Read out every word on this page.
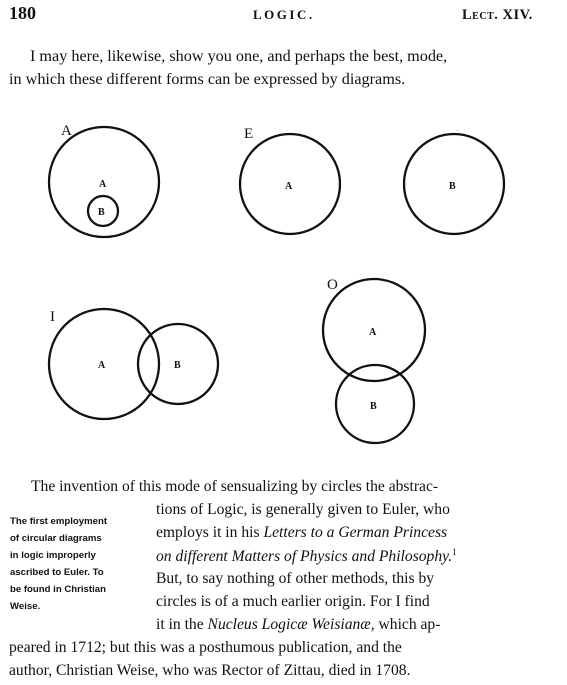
180	LOGIC.	Lect. XIV.
I may here, likewise, show you one, and perhaps the best, mode,
in which these different forms can be expressed by diagrams.
A
A
B
E
A	B
I
A	B
O
A
B
The invention of this mode of sensualizing by circles the abstrac-
tions of Logic, is generally given to Euler, who
employs it in his Letters to a German Princess
on different Matters of Physics and Philosophy.$^1$
But, to say nothing of other methods, this by
circles is of a much earlier origin. For I find
it in the Nucleus Logicæ Weisianæ, which ap-
peared in 1712; but this was a posthumous publication, and the
author, Christian Weise, who was Rector of Zittau, died in 1708.
The first employment
of circular diagrams
in logic improperly
ascribed to Euler. To
be found in Christian
Weise.
